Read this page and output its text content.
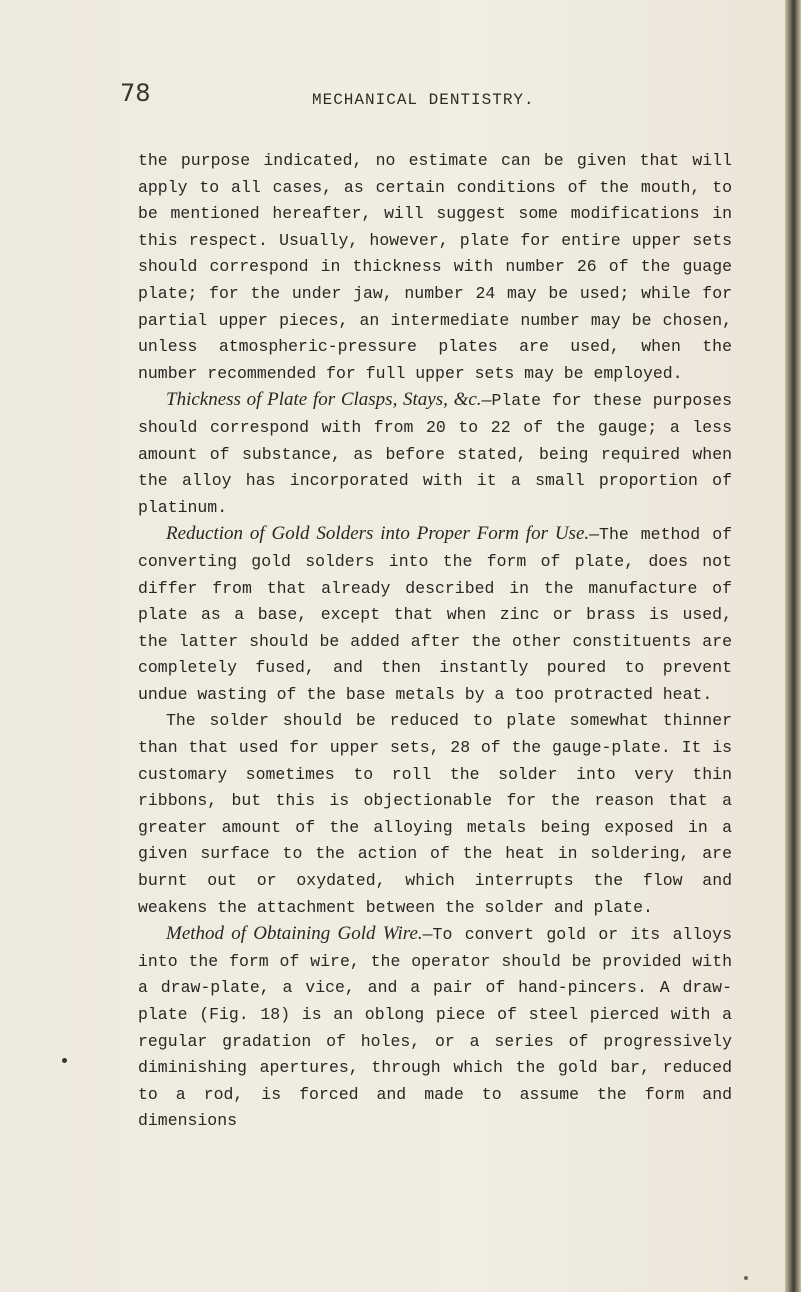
78	MECHANICAL DENTISTRY.

the purpose indicated, no estimate can be given that will apply to all cases, as certain conditions of the mouth, to be mentioned hereafter, will suggest some modifications in this respect. Usually, however, plate for entire upper sets should correspond in thickness with number 26 of the guage plate; for the under jaw, number 24 may be used; while for partial upper pieces, an intermediate number may be chosen, unless atmospheric-pressure plates are used, when the number recommended for full upper sets may be employed.

Thickness of Plate for Clasps, Stays, &c.—Plate for these purposes should correspond with from 20 to 22 of the gauge; a less amount of substance, as before stated, being required when the alloy has incorporated with it a small proportion of platinum.

Reduction of Gold Solders into Proper Form for Use.—The method of converting gold solders into the form of plate, does not differ from that already described in the manufacture of plate as a base, except that when zinc or brass is used, the latter should be added after the other constituents are completely fused, and then instantly poured to prevent undue wasting of the base metals by a too protracted heat.

The solder should be reduced to plate somewhat thinner than that used for upper sets, 28 of the gauge-plate. It is customary sometimes to roll the solder into very thin ribbons, but this is objectionable for the reason that a greater amount of the alloying metals being exposed in a given surface to the action of the heat in soldering, are burnt out or oxydated, which interrupts the flow and weakens the attachment between the solder and plate.

Method of Obtaining Gold Wire.—To convert gold or its alloys into the form of wire, the operator should be provided with a draw-plate, a vice, and a pair of hand-pincers. A draw-plate (Fig. 18) is an oblong piece of steel pierced with a regular gradation of holes, or a series of progressively diminishing apertures, through which the gold bar, reduced to a rod, is forced and made to assume the form and dimensions
